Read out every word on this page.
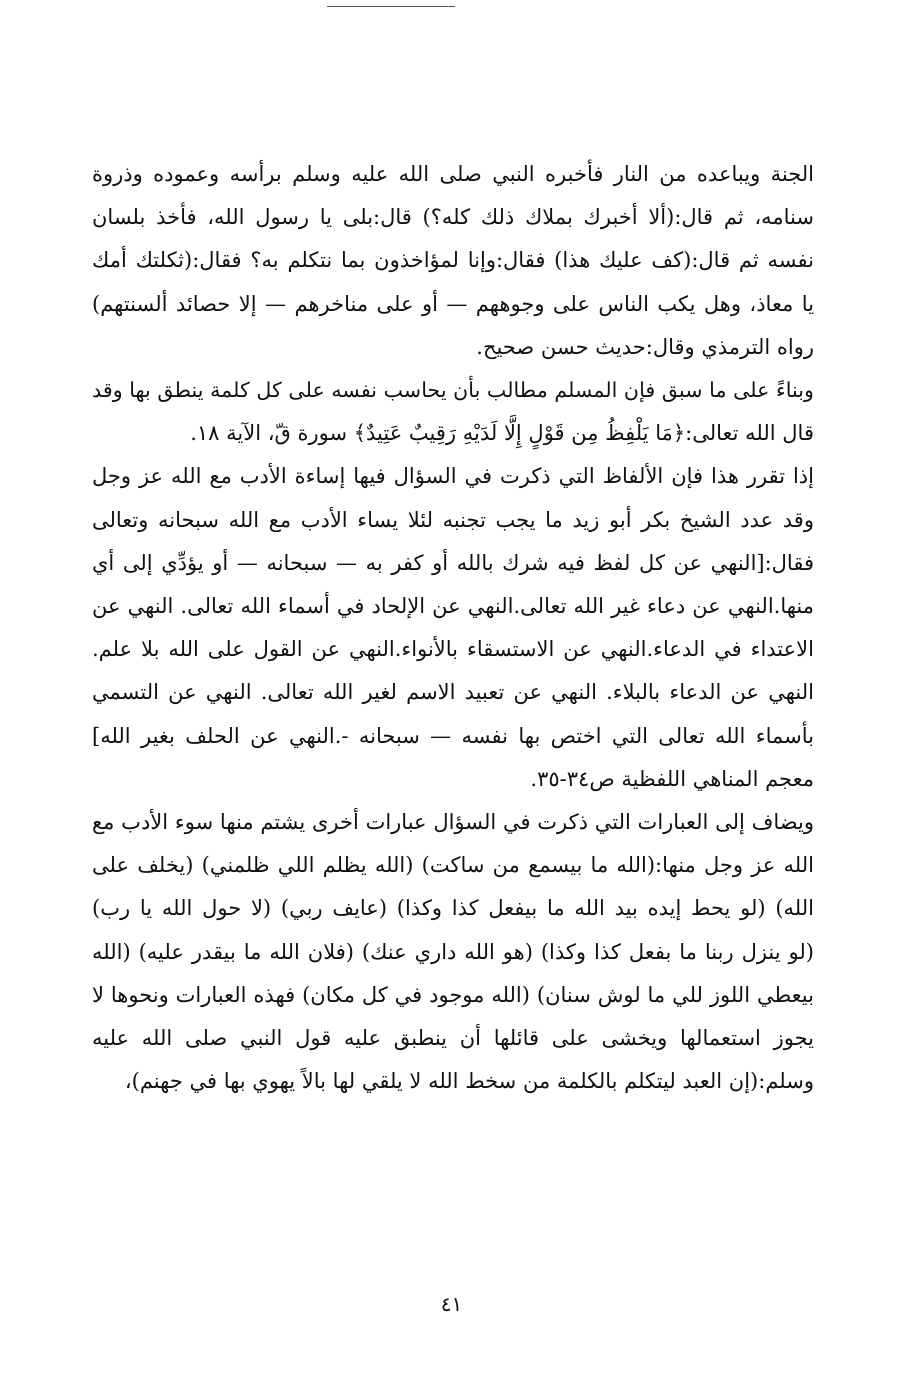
الجنة ويباعده من النار فأخبره النبي صلى الله عليه وسلم برأسه وعموده وذروة
سنامه، ثم قال:(ألا أخبرك بملاك ذلك كله؟) قال:بلى يا رسول الله، فأخذ بلسان
نفسه ثم قال:(كف عليك هذا) فقال:وإنا لمؤاخذون بما نتكلم به؟ فقال:(ثكلتك أمك
يا معاذ، وهل يكب الناس على وجوههم — أو على مناخرهم — إلا حصائد ألسنتهم)
رواه الترمذي وقال:حديث حسن صحيح.

وبناءً على ما سبق فإن المسلم مطالب بأن يحاسب نفسه على كل كلمة ينطق بها وقد
قال الله تعالى:﴿مَا يَلْفِظُ مِن قَوْلٍ إِلَّا لَدَيْهِ رَقِيبٌ عَتِيدٌ﴾ سورة قّ، الآية ١٨.

إذا تقرر هذا فإن الألفاظ التي ذكرت في السؤال فيها إساءة الأدب مع الله عز وجل
وقد عدد الشيخ بكر أبو زيد ما يجب تجنبه لئلا يساء الأدب مع الله سبحانه وتعالى
فقال:[النهي عن كل لفظ فيه شرك بالله أو كفر به — سبحانه — أو يؤدِّي إلى أي
منها.النهي عن دعاء غير الله تعالى.النهي عن الإلحاد في أسماء الله تعالى. النهي عن
الاعتداء في الدعاء.النهي عن الاستسقاء بالأنواء.النهي عن القول على الله بلا علم.
النهي عن الدعاء بالبلاء. النهي عن تعبيد الاسم لغير الله تعالى. النهي عن التسمي
بأسماء الله تعالى التي اختص بها نفسه — سبحانه -.النهي عن الحلف بغير الله]
معجم المناهي اللفظية ص٣٤-٣٥.

ويضاف إلى العبارات التي ذكرت في السؤال عبارات أخرى يشتم منها سوء الأدب مع
الله عز وجل منها:(الله ما بيسمع من ساكت) (الله يظلم اللي ظلمني) (يخلف على
الله) (لو يحط إيده بيد الله ما بيفعل كذا وكذا) (عايف ربي) (لا حول الله يا رب)
(لو ينزل ربنا ما بفعل كذا وكذا) (هو الله داري عنك) (فلان الله ما بيقدر عليه) (الله
بيعطي اللوز للي ما لوش سنان) (الله موجود في كل مكان) فهذه العبارات ونحوها لا
يجوز استعمالها ويخشى على قائلها أن ينطبق عليه قول النبي صلى الله عليه
وسلم:(إن العبد ليتكلم بالكلمة من سخط الله لا يلقي لها بالاً يهوي بها في جهنم)،

٤١
